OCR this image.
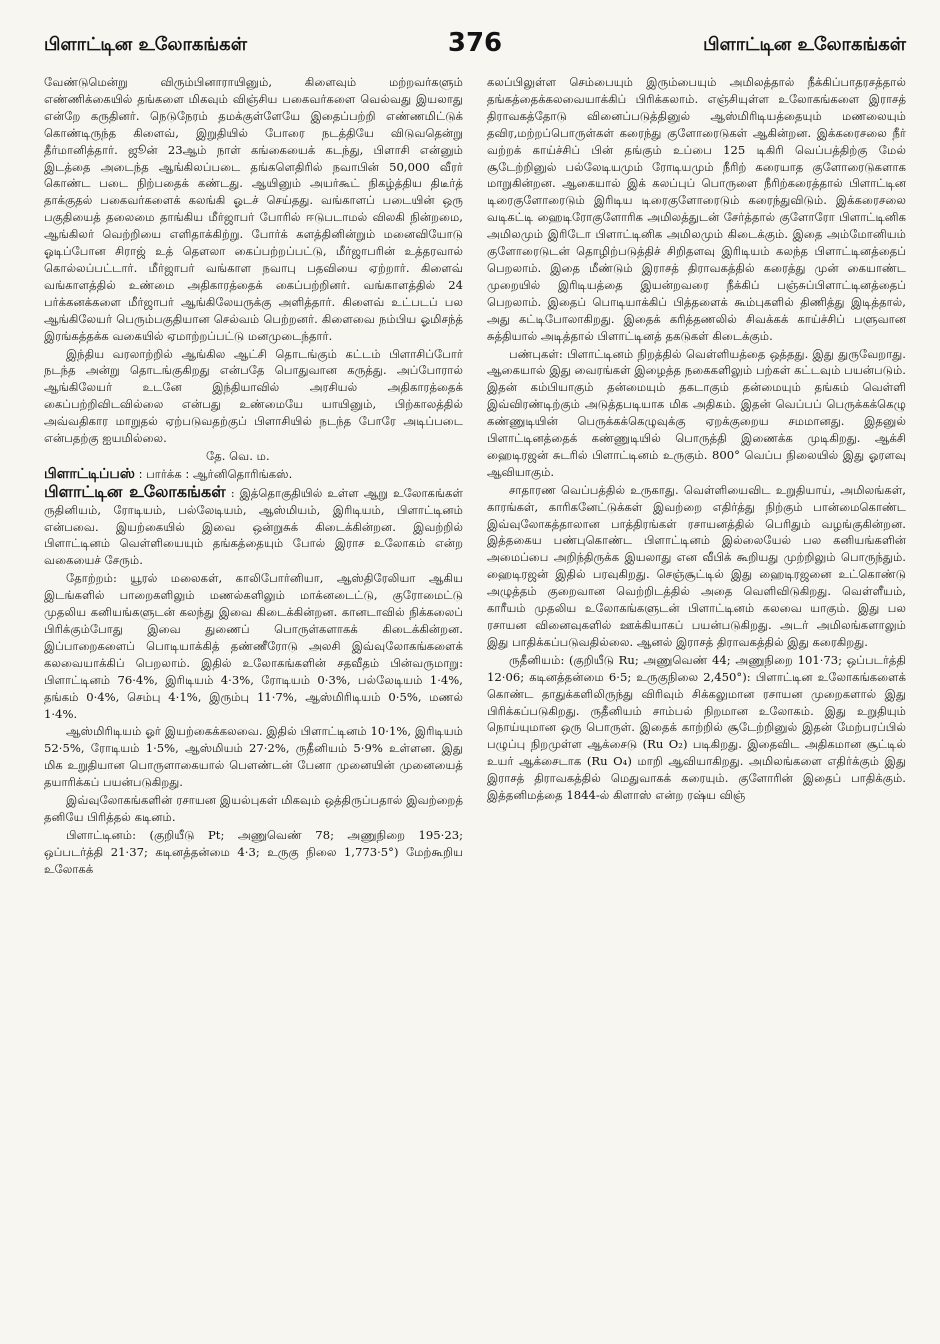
பிளாட்டின உலோகங்கள்	376	பிளாட்டின உலோகங்கள்

வேண்டுமென்று விரும்பினாராயினும், கிளைவும் மற்றவர்களும் எண்ணிக்கையில் தங்களை மிகவும் விஞ்சிய பகைவர்களை வெல்வது இயலாது என்றே கருதினர். நெடுநேரம் தமக்குள்ளேயே இதைப்பற்றி எண்ணமிட்டுக் கொண்டிருந்த கிளைவ், இறுதியில் போரை நடத்தியே விடுவதென்று தீர்மானித்தார். ஜூன் 23ஆம் நாள் கங்கையைக் கடந்து, பிளாசி என்னும் இடத்தை அடைந்த ஆங்கிலப்படை தங்களெதிரில் நவாபின் 50,000 வீரர் கொண்ட படை நிற்பதைக் கண்டது. ஆயினும் அயர்கூட் நிகழ்த்திய திடீர்த் தாக்குதல் பகைவர்களைக் கலங்கி ஓடச் செய்தது. வங்காளப் படையின் ஒரு பகுதியைத் தலைமை தாங்கிய மீர்ஜாபர் போரில் ஈடுபடாமல் விலகி நின்றமை, ஆங்கிலர் வெற்றியை எளிதாக்கிற்று. போர்க் களத்தினின்றும் மனைவியோடு ஓடிப்போன சிராஜ் உத் தௌலா கைப்பற்றப்பட்டு, மீர்ஜாபரின் உத்தரவால் கொல்லப்பட்டார். மீர்ஜாபர் வங்காள நவாபு பதவியை ஏற்றார். கிளைவ் வங்காளத்தில் உண்மை அதிகாரத்தைக் கைப்பற்றினர். வங்காளத்தில் 24 பர்க்கனக்களை மீர்ஜாபர் ஆங்கிலேயருக்கு அளித்தார். கிளைவ் உட்படப் பல ஆங்கிலேயர் பெரும்பகுதியான செல்வம் பெற்றனர். கிளைவை நம்பிய ஓமிசந்த் இரங்கத்தக்க வகையில் ஏமாற்றப்பட்டு மனமுடைந்தார்.

இந்திய வரலாற்றில் ஆங்கில ஆட்சி தொடங்கும் கட்டம் பிளாசிப்போர் நடந்த அன்று தொடங்குகிறது என்பதே பொதுவான கருத்து. அப்போரால் ஆங்கிலேயர் உடனே இந்தியாவில் அரசியல் அதிகாரத்தைக் கைப்பற்றிவிடவில்லை என்பது உண்மையே யாயினும், பிற்காலத்தில் அவ்வதிகார மாறுதல் ஏற்படுவதற்குப் பிளாசியில் நடந்த போரே அடிப்படை என்பதற்கு ஐயமில்லை.

தே. வெ. ம.

பிளாட்டிப்பஸ் : பார்க்க : ஆர்னிதொரிங்கஸ்.

பிளாட்டின உலோகங்கள் : இத்தொகுதியில் உள்ள ஆறு உலோகங்கள் ருதினியம், ரோடியம், பல்லேடியம், ஆஸ்மியம், இரிடியம், பிளாட்டினம் என்பவை. இயற்கையில் இவை ஒன்றுசுக் கிடைக்கின்றன. இவற்றில் பிளாட்டினம் வெள்ளியையும் தங்கத்தையும் போல் இராச உலோகம் என்ற வகையைச் சேரும்.

தோற்றம்: யூரல் மலைகள், காலிபோர்னியா, ஆஸ்திரேலியா ஆகிய இடங்களில் பாறைகளிலும் மணல்களிலும் மாக்னடைட்டு, குரோமைட்டு முதலிய கனியங்களுடன் கலந்து இவை கிடைக்கின்றன. கானடாவில் நிக்கலைப் பிரிக்கும்போது இவை துணைப் பொருள்களாகக் கிடைக்கின்றன. இப்பாறைகளைப் பொடியாக்கித் தண்ணீரோடு அலசி இவ்வுலோகங்களைக் கலவையாக்கிப் பெறலாம். இதில் உலோகங்களின் சதவீதம் பின்வருமாறு: பிளாட்டினம் 76·4%, இரிடியம் 4·3%, ரோடியம் 0·3%, பல்லேடியம் 1·4%, தங்கம் 0·4%, செம்பு 4·1%, இரும்பு 11·7%, ஆஸ்மிரிடியம் 0·5%, மணல் 1·4%.

ஆஸ்மிரிடியம் ஓர் இயற்கைக்கலவை. இதில் பிளாட்டினம் 10·1%, இரிடியம் 52·5%, ரோடியம் 1·5%, ஆஸ்மியம் 27·2%, ருதீனியம் 5·9% உள்ளன. இது மிக உறுதியான பொருளாகையால் பௌண்டன் பேனா முனையின் முனையைத் தயாரிக்கப் பயன்படுகிறது.

இவ்வுலோகங்களின் ரசாயன இயல்புகள் மிகவும் ஒத்திருப்பதால் இவற்றைத் தனியே பிரித்தல் கடினம்.

பிளாட்டினம்: (குறியீடு Pt; அணுவெண் 78; அணுநிறை 195·23; ஒப்படர்த்தி 21·37; கடினத்தன்மை 4·3; உருகு நிலை 1,773·5°) மேற்கூறிய உலோகக்

கலப்பிலுள்ள செம்பையும் இரும்பையும் அமிலத்தால் நீக்கிப்பாதரசத்தால் தங்கத்தைக்கலவையாக்கிப் பிரிக்கலாம். எஞ்சியுள்ள உலோகங்களை இராசத் திராவகத்தோடு வினைப்படுத்தினுல் ஆஸ்மிரிடியத்தையும் மணலையும் தவிர,மற்றப்பொருள்கள் கரைந்து குளோரைடுகள் ஆகின்றன. இக்கரைசலை நீர் வற்றக் காய்ச்சிப் பின் தங்கும் உப்பை 125 டிகிரி வெப்பத்திற்கு மேல் சூடேற்றினுல் பல்லேடியமும் ரோடியமும் நீரிற் கரையாத குளோரைடுகளாக மாறுகின்றன. ஆகையால் இக் கலப்புப் பொருளை நீரிற்கரைத்தால் பிளாட்டின டிரைகுளோரைடும் இரிடிய டிரைகுளோரைடும் கரைந்துவிடும். இக்கரைசலை வடிகட்டி ஹைடிரோகுளோரிக அமிலத்துடன் சேர்த்தால் குளோரோ பிளாட்டினிக அமிலமும் இரிடோ பிளாட்டினிக அமிலமும் கிடைக்கும். இதை அம்மோனியம் குளோரைடுடன் தொழிற்படுத்திச் சிறிதளவு இரிடியம் கலந்த பிளாட்டினத்தைப் பெறலாம். இதை மீண்டும் இராசத் திராவகத்தில் கரைத்து முன் கையாண்ட முறையில் இரிடியத்தை இயன்றவரை நீக்கிப் பஞ்சுப்பிளாட்டினத்தைப் பெறலாம். இதைப் பொடியாக்கிப் பித்தளைக் கூம்புகளில் திணித்து இடித்தால், அது கட்டிபோலாகிறது. இதைக் கரித்தணலில் சிவக்கக் காய்ச்சிப் பளுவான சுத்தியால் அடித்தால் பிளாட்டினத் தகடுகள் கிடைக்கும்.

பண்புகள்: பிளாட்டினம் நிறத்தில் வெள்ளியத்தை ஒத்தது. இது துருவேறாது. ஆகையால் இது வைரங்கள் இழைத்த நகைகளிலும் பற்கள் கட்டவும் பயன்படும். இதன் கம்பியாகும் தன்மையும் தகடாகும் தன்மையும் தங்கம் வெள்ளி இவ்விரண்டிற்கும் அடுத்தபடியாக மிக அதிகம். இதன் வெப்பப் பெருக்கக்கெழு கண்ணுடியின் பெருக்கக்கெழுவுக்கு ஏறக்குறைய சமமானது. இதனுல் பிளாட்டினத்தைக் கண்ணுடியில் பொருத்தி இணைக்க முடிகிறது. ஆக்சி ஹைடிரஜன் சுடரில் பிளாட்டினம் உருகும். 800° வெப்ப நிலையில் இது ஓரளவு ஆவியாகும்.

சாதாரண வெப்பத்தில் உருகாது. வெள்ளியைவிட உறுதியாய், அமிலங்கள், காரங்கள், காரிகனேட்டுக்கள் இவற்றை எதிர்த்து நிற்கும் பான்மைகொண்ட இவ்வுலோகத்தாலான பாத்திரங்கள் ரசாயனத்தில் பெரிதும் வழங்குகின்றன. இத்தகைய பண்புகொண்ட பிளாட்டினம் இல்லையேல் பல கனியங்களின் அமைப்பை அறிந்திருக்க இயலாது என வீபிக் கூறியது முற்றிலும் பொருந்தும். ஹைடிரஜன் இதில் பரவுகிறது. செஞ்சூட்டில் இது ஹைடிரஜனை உட்கொண்டு அழுத்தம் குறைவான வெற்றிடத்தில் அதை வெளிவிடுகிறது. வெள்ளீயம், காரீயம் முதலிய உலோகங்களுடன் பிளாட்டினம் கலவை யாகும். இது பல ரசாயன வினைவுகளில் ஊக்கியாகப் பயன்படுகிறது. அடர் அமிலங்களாலும் இது பாதிக்கப்படுவதில்லை. ஆனல் இராசத் திராவகத்தில் இது கரைகிறது.

ருதீனியம்: (குறியீடு Ru; அணுவெண் 44; அணுநிறை 101·73; ஒப்படர்த்தி 12·06; கடினத்தன்மை 6·5; உருகுநிலை 2,450°): பிளாட்டின உலோகங்களைக் கொண்ட தாதுக்களிலிருந்து விரிவும் சிக்கலுமான ரசாயன முறைகளால் இது பிரிக்கப்படுகிறது. ருதீனியம் சாம்பல் நிறமான உலோகம். இது உறுதியும் நொய்யுமான ஒரு பொருள். இதைக் காற்றில் சூடேற்றினுல் இதன் மேற்பரப்பில் பழுப்பு நிறமுள்ள ஆக்சைடு (Ru O₂) படிகிறது. இதைவிட அதிகமான சூட்டில் உயர் ஆக்சைடாக (Ru O₄) மாறி ஆவியாகிறது. அமிலங்களை எதிர்க்கும் இது இராசத் திராவகத்தில் மெதுவாகக் கரையும். குளோரின் இதைப் பாதிக்கும். இத்தனிமத்தை 1844-ல் கிளாஸ் என்ற ரஷ்ய விஞ்
